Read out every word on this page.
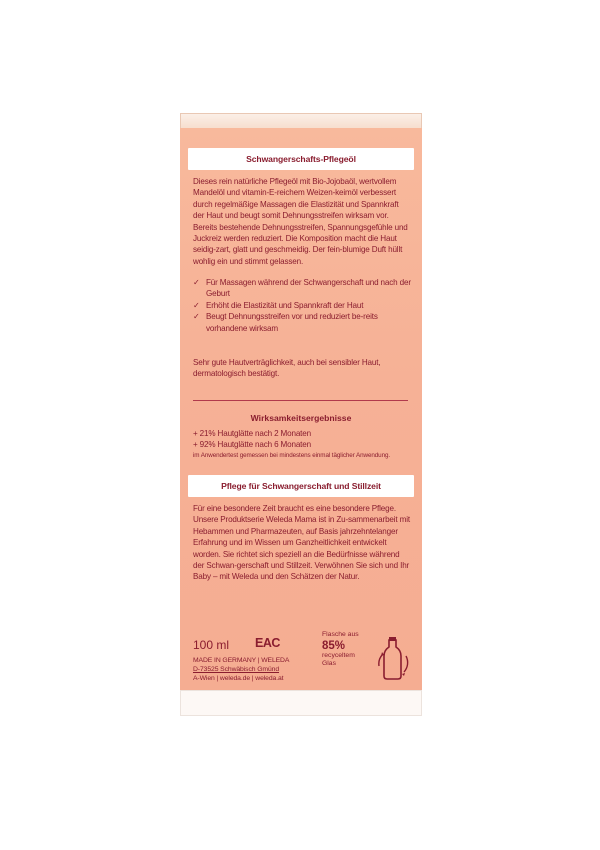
Schwangerschafts-Pflegeöl
Dieses rein natürliche Pflegeöl mit Bio-Jojobaöl, wertvollem Mandelöl und vitamin-E-reichem Weizen-keimöl verbessert durch regelmäßige Massagen die Elastizität und Spannkraft der Haut und beugt somit Dehnungsstreifen wirksam vor. Bereits bestehende Dehnungsstreifen, Spannungsgefühle und Juckreiz werden reduziert. Die Komposition macht die Haut seidig-zart, glatt und geschmeidig. Der fein-blumige Duft hüllt wohlig ein und stimmt gelassen.
✓ Für Massagen während der Schwangerschaft und nach der Geburt
✓ Erhöht die Elastizität und Spannkraft der Haut
✓ Beugt Dehnungsstreifen vor und reduziert be-reits vorhandene wirksam
Sehr gute Hautverträglichkeit, auch bei sensibler Haut, dermatologisch bestätigt.
Wirksamkeitsergebnisse
+ 21% Hautglätte nach 2 Monaten
+ 92% Hautglätte nach 6 Monaten
im Anwendertest gemessen bei mindestens einmal täglicher Anwendung.
Pflege für Schwangerschaft und Stillzeit
Für eine besondere Zeit braucht es eine besondere Pflege. Unsere Produktserie Weleda Mama ist in Zu-sammenarbeit mit Hebammen und Pharmazeuten, auf Basis jahrzehntelanger Erfahrung und im Wissen um Ganzheitlichkeit entwickelt worden. Sie richtet sich speziell an die Bedürfnisse während der Schwan-gerschaft und Stillzeit. Verwöhnen Sie sich und Ihr Baby – mit Weleda und den Schätzen der Natur.
100 ml EAC
MADE IN GERMANY | WELEDA
D-73525 Schwäbisch Gmünd
A-Wien | weleda.de | weleda.at
Flasche aus
85%
recyceltem
Glas
